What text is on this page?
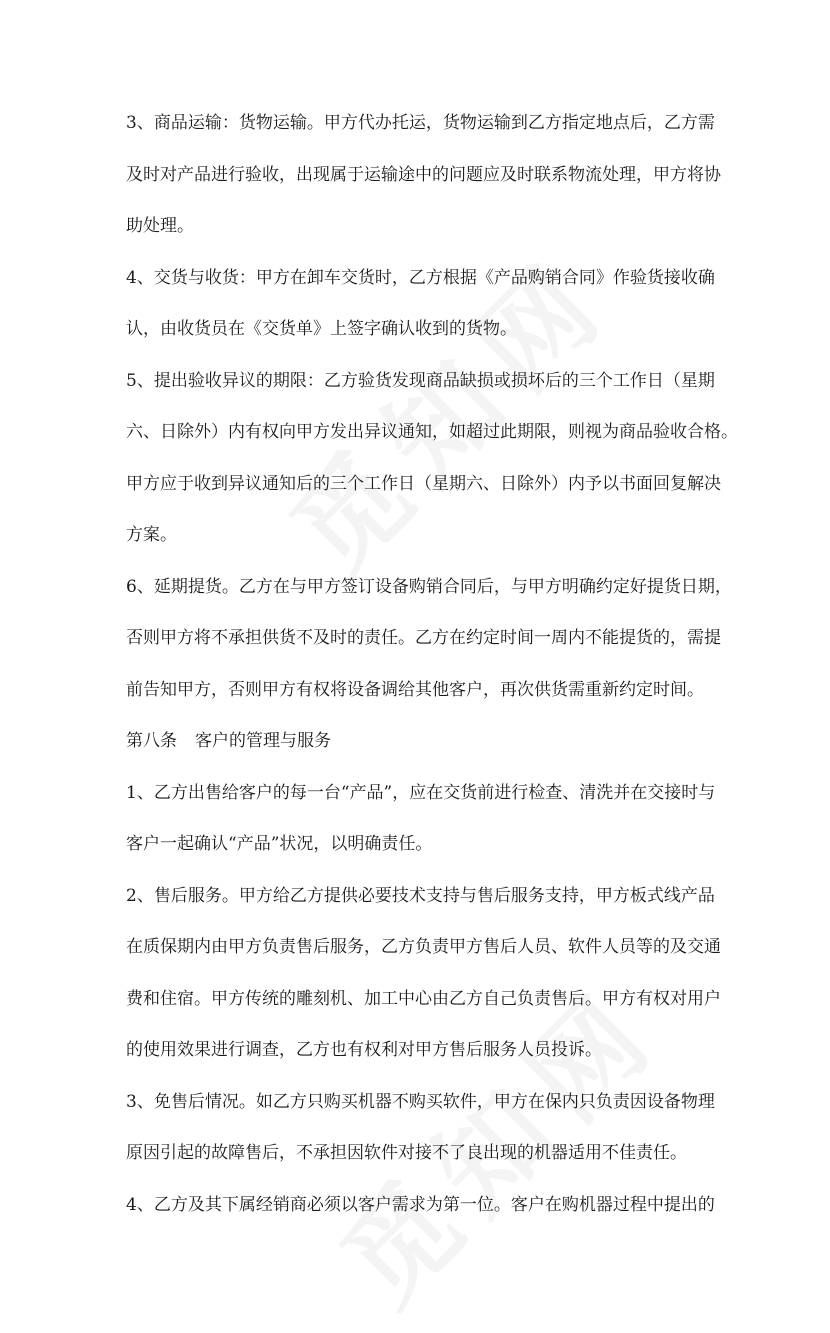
3、商品运输：货物运输。甲方代办托运，货物运输到乙方指定地点后，乙方需
及时对产品进行验收，出现属于运输途中的问题应及时联系物流处理，甲方将协
助处理。
4、交货与收货：甲方在卸车交货时，乙方根据《产品购销合同》作验货接收确
认，由收货员在《交货单》上签字确认收到的货物。
5、提出验收异议的期限：乙方验货发现商品缺损或损坏后的三个工作日（星期
六、日除外）内有权向甲方发出异议通知，如超过此期限，则视为商品验收合格。
甲方应于收到异议通知后的三个工作日（星期六、日除外）内予以书面回复解决
方案。
6、延期提货。乙方在与甲方签订设备购销合同后，与甲方明确约定好提货日期，
否则甲方将不承担供货不及时的责任。乙方在约定时间一周内不能提货的，需提
前告知甲方，否则甲方有权将设备调给其他客户，再次供货需重新约定时间。
第八条 客户的管理与服务
1、乙方出售给客户的每一台“产品”，应在交货前进行检查、清洗并在交接时与
客户一起确认“产品”状况，以明确责任。
2、售后服务。甲方给乙方提供必要技术支持与售后服务支持，甲方板式线产品
在质保期内由甲方负责售后服务，乙方负责甲方售后人员、软件人员等的及交通
费和住宿。甲方传统的雕刻机、加工中心由乙方自己负责售后。甲方有权对用户
的使用效果进行调查，乙方也有权利对甲方售后服务人员投诉。
3、免售后情况。如乙方只购买机器不购买软件，甲方在保内只负责因设备物理
原因引起的故障售后，不承担因软件对接不了良出现的机器适用不佳责任。
4、乙方及其下属经销商必须以客户需求为第一位。客户在购机器过程中提出的
